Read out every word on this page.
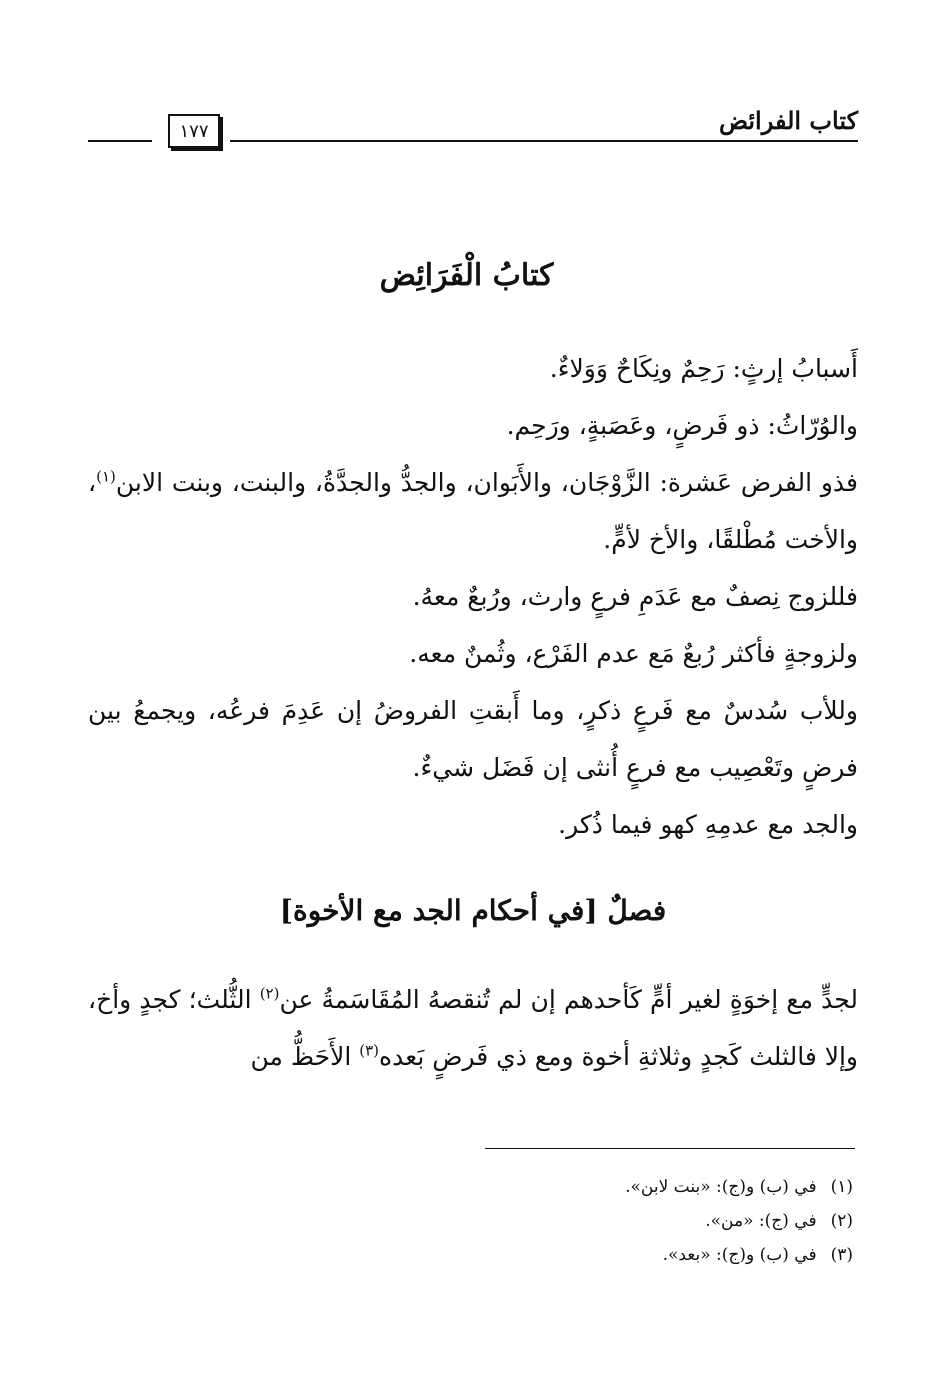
كتاب الفرائض
١٧٧
كتابُ الْفَرَائِض

أَسبابُ إرثٍ: رَحِمٌ ونِكَاحٌ وَوَلاءٌ.

والوُرّاثُ: ذو فَرضٍ، وعَصَبةٍ، ورَحِم.

فذو الفرض عَشرة: الزَّوْجَان، والأَبَوان، والجدُّ والجدَّةُ، والبنت، وبنت الابن$^{(١)}$، والأخت مُطْلقًا، والأخ لأمٍّ.

فللزوج نِصفٌ مع عَدَمِ فرعٍ وارث، ورُبعٌ معهُ.

ولزوجةٍ فأكثر رُبعٌ مَع عدم الفَرْع، وثُمنٌ معه.

وللأب سُدسٌ مع فَرعٍ ذكرٍ، وما أَبقتِ الفروضُ إن عَدِمَ فرعُه، ويجمعُ بين فرضٍ وتَعْصِيب مع فرعٍ أُنثى إن فَضَل شيءٌ.

والجد مع عدمِهِ كهو فيما ذُكر.

فصلٌ [في أحكام الجد مع الأخوة]

لجدٍّ مع إخوَةٍ لغير أمٍّ كَأحدهم إن لم تُنقصهُ المُقَاسَمةُ عن$^{(٢)}$ الثُّلث؛ كجدٍ وأخ، وإلا فالثلث كَجدٍ وثلاثةِ أخوة ومع ذي فَرضٍ بَعده$^{(٣)}$ الأَحَظُّ من

(١)في (ب) و(ج): «بنت لابن».
(٢)في (ج): «من».
(٣)في (ب) و(ج): «بعد».
